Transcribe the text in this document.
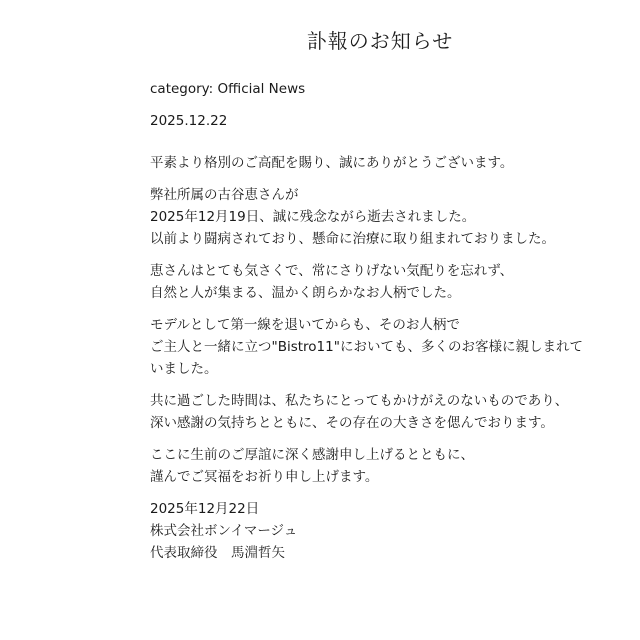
訃報のお知らせ

category: Official News

2025.12.22

平素より格別のご高配を賜り、誠にありがとうございます。

弊社所属の古谷恵さんが
2025年12月19日、誠に残念ながら逝去されました。
以前より闘病されており、懸命に治療に取り組まれておりました。

恵さんはとても気さくで、常にさりげない気配りを忘れず、
自然と人が集まる、温かく朗らかなお人柄でした。

モデルとして第一線を退いてからも、そのお人柄で
ご主人と一緒に立つ"Bistro11"においても、多くのお客様に親しまれて
いました。

共に過ごした時間は、私たちにとってもかけがえのないものであり、
深い感謝の気持ちとともに、その存在の大きさを偲んでおります。

ここに生前のご厚誼に深く感謝申し上げるとともに、
謹んでご冥福をお祈り申し上げます。

2025年12月22日
株式会社ボンイマージュ
代表取締役　馬淵哲矢
